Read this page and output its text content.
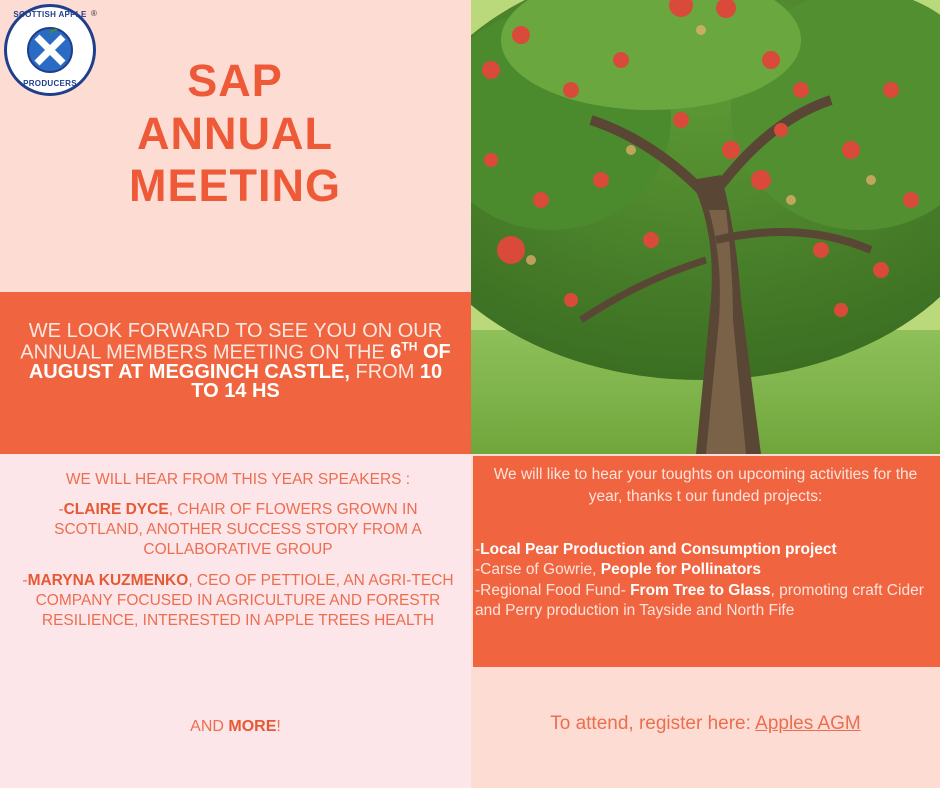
SCOTTISH APPLE
PRODUCERS
®
SAP
ANNUAL
MEETING
WE LOOK FORWARD TO SEE YOU ON OUR ANNUAL MEMBERS MEETING ON THE 6TH OF AUGUST AT MEGGINCH CASTLE, FROM 10 TO 14 HS

WE WILL HEAR FROM THIS YEAR SPEAKERS :

-CLAIRE DYCE, CHAIR OF FLOWERS GROWN IN SCOTLAND, ANOTHER SUCCESS STORY FROM A COLLABORATIVE GROUP

-MARYNA KUZMENKO, CEO OF PETTIOLE, AN AGRI-TECH COMPANY FOCUSED IN AGRICULTURE AND FORESTR RESILIENCE, INTERESTED IN APPLE TREES HEALTH

AND MORE!
We will like to hear your toughts on upcoming activities for the year, thanks t our funded projects:
-Local Pear Production and Consumption project
-Carse of Gowrie, People for Pollinators
-Regional Food Fund- From Tree to Glass, promoting craft Cider and Perry production in Tayside and North Fife
To attend, register here: Apples AGM
